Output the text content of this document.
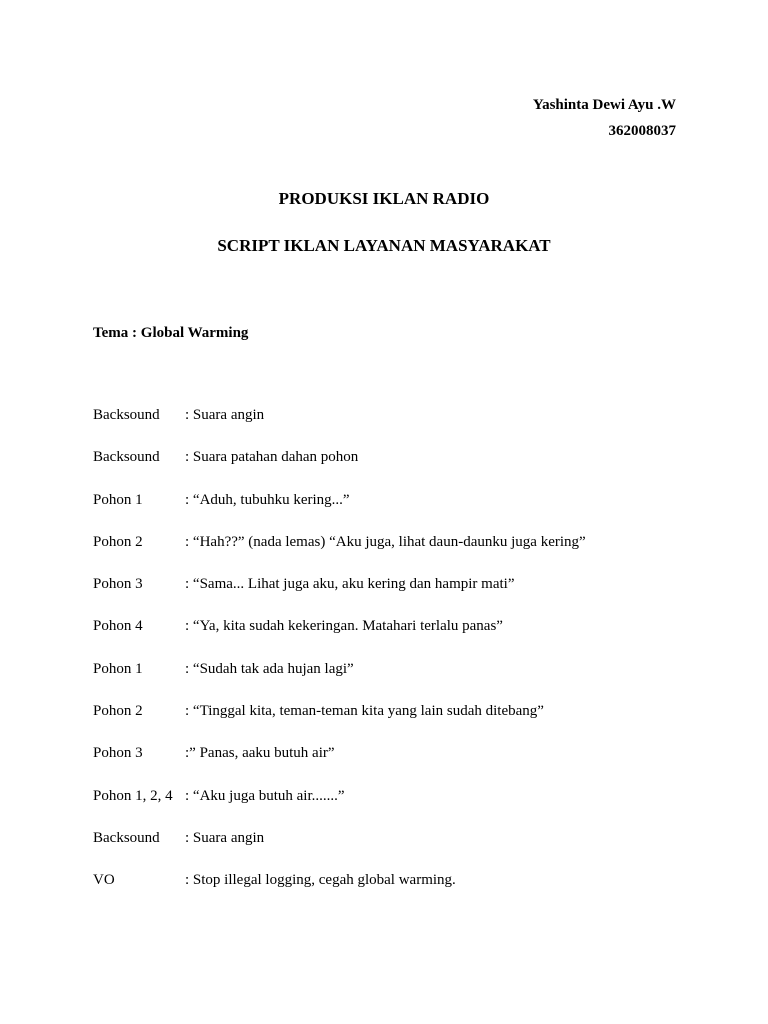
Yashinta Dewi Ayu .W
362008037
PRODUKSI IKLAN RADIO
SCRIPT IKLAN LAYANAN MASYARAKAT
Tema : Global Warming
Backsound	: Suara angin
Backsound	: Suara patahan dahan pohon
Pohon 1	: “Aduh, tubuhku kering...”
Pohon 2	: “Hah??” (nada lemas) “Aku juga, lihat daun-daunku juga kering”
Pohon 3	: “Sama... Lihat juga aku, aku kering dan hampir mati”
Pohon 4	: “Ya, kita sudah kekeringan. Matahari terlalu panas”
Pohon 1	: “Sudah tak ada hujan lagi”
Pohon 2	: “Tinggal kita, teman-teman kita yang lain sudah ditebang”
Pohon 3	:” Panas, aaku butuh air”
Pohon 1, 2, 4 : “Aku juga butuh air.......”
Backsound	: Suara angin
VO	: Stop illegal logging, cegah global warming.
